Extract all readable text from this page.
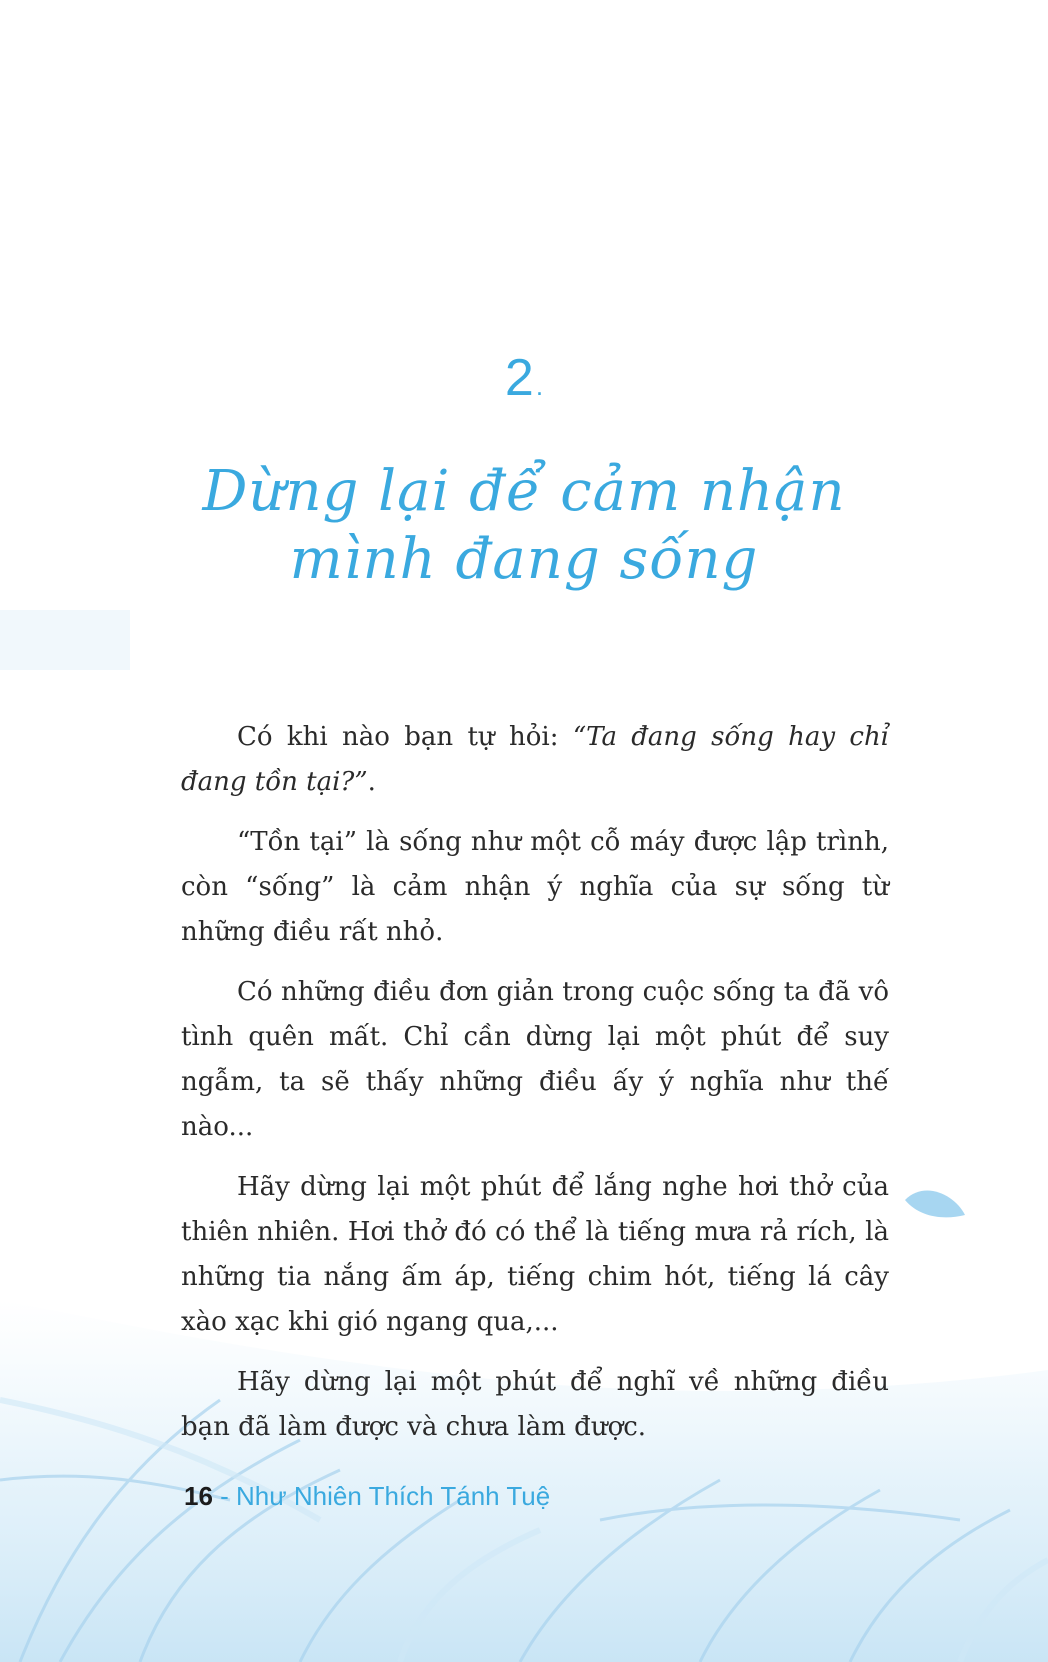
2.
Dừng lại để cảm nhận
mình đang sống

Có khi nào bạn tự hỏi: “Ta đang sống hay chỉ đang tồn tại?”.

“Tồn tại” là sống như một cỗ máy được lập trình, còn “sống” là cảm nhận ý nghĩa của sự sống từ những điều rất nhỏ.

Có những điều đơn giản trong cuộc sống ta đã vô tình quên mất. Chỉ cần dừng lại một phút để suy ngẫm, ta sẽ thấy những điều ấy ý nghĩa như thế nào...

Hãy dừng lại một phút để lắng nghe hơi thở của thiên nhiên. Hơi thở đó có thể là tiếng mưa rả rích, là những tia nắng ấm áp, tiếng chim hót, tiếng lá cây xào xạc khi gió ngang qua,...

Hãy dừng lại một phút để nghĩ về những điều bạn đã làm được và chưa làm được.

16 - Như Nhiên Thích Tánh Tuệ
